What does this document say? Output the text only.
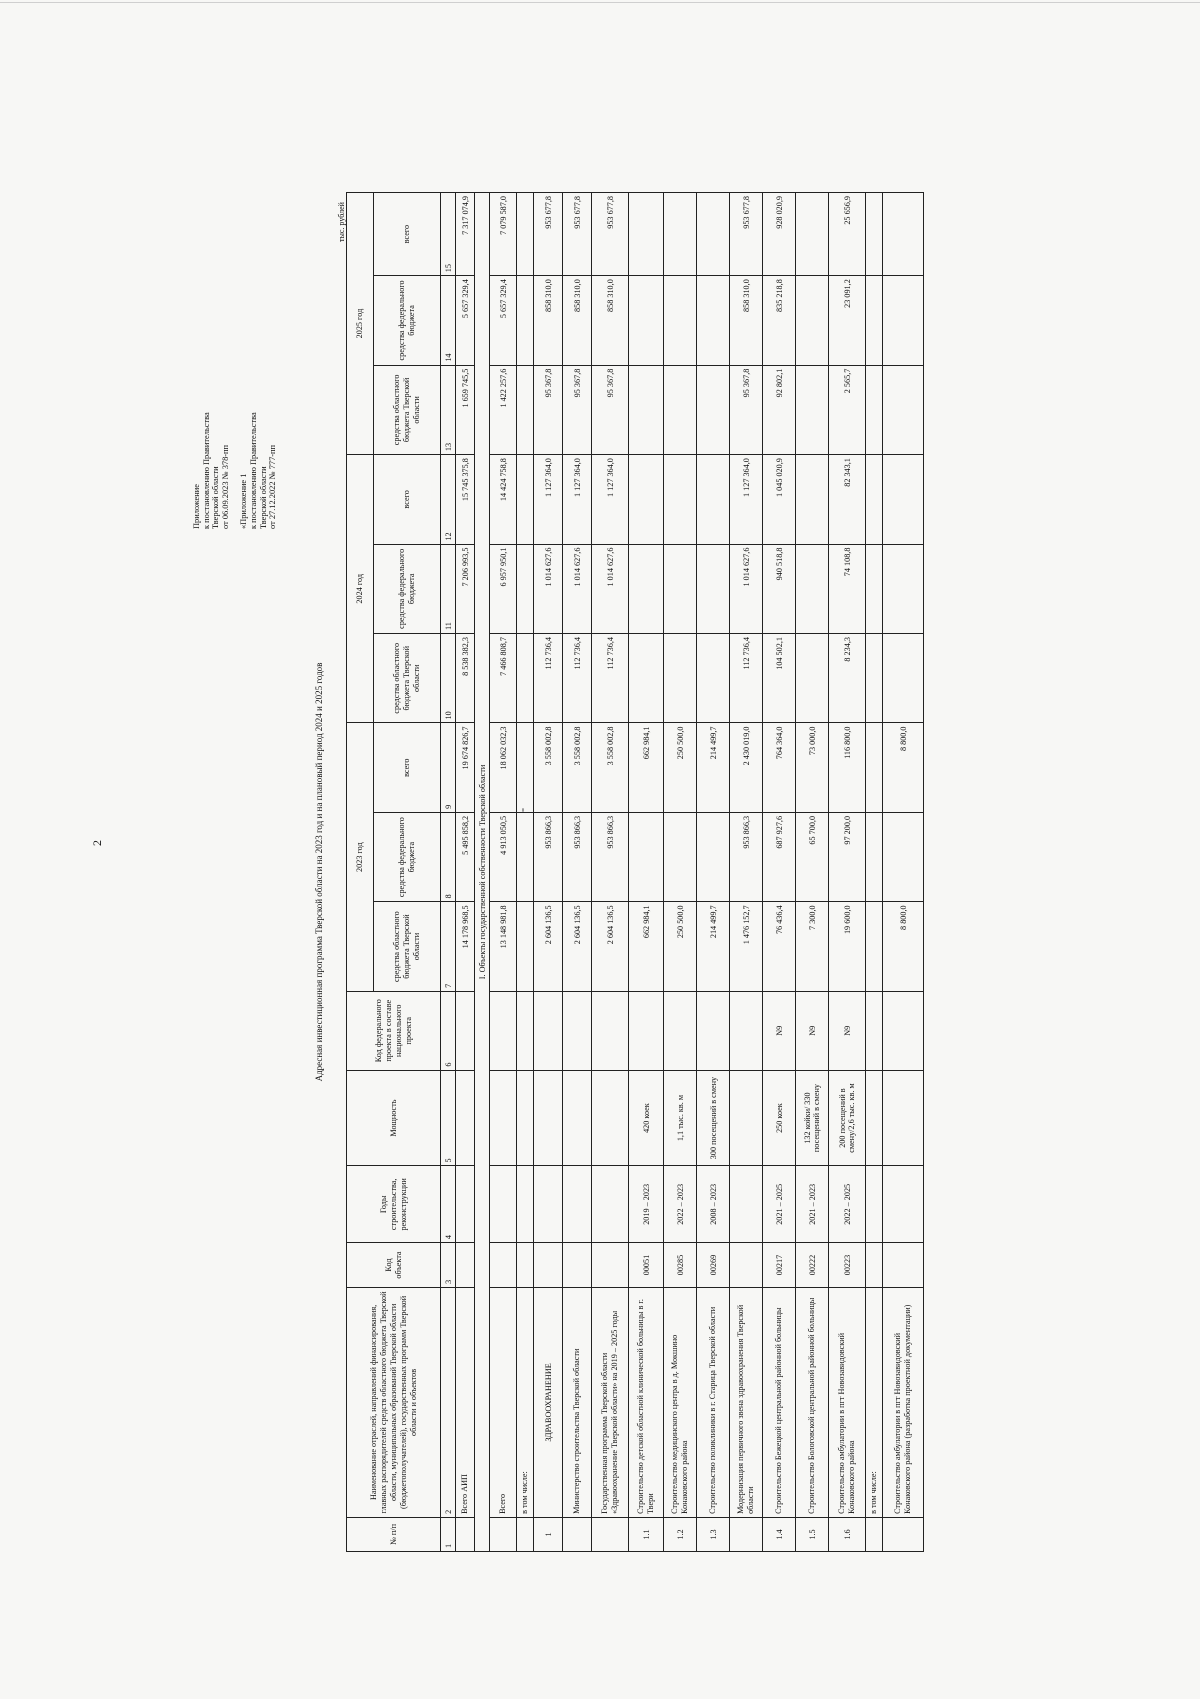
2
Приложение к постановлению Правительства Тверской области от 06.09.2023 № 378-пп «Приложение 1 к постановлению Правительства Тверской области от 27.12.2022 № 777-пп
Адресная инвестиционная программа Тверской области на 2023 год и на плановый период 2024 и 2025 годов
тыс. рублей
№ п/п	Наименование отраслей, направлений финансирования, главных распорядителей средств областного бюджета Тверской области, муниципальных образований Тверской области (бюджетополучателей), государственных программ Тверской области и объектов	Код объекта	Годы строительства, реконструкции	Мощность	Код федерального проекта в составе национального проекта	2023 год			2024 год			2025 год		
						средства областного бюджета Тверской области	средства федерального бюджета	всего	средства областного бюджета Тверской области	средства федерального бюджета	всего	средства областного бюджета Тверской области	средства федерального бюджета	всего
1	2	3	4	5	6	7	8	9	10	11	12	13	14	15
	Всего АИП					14 178 968,5	5 495 858,2	19 674 826,7	8 538 382,3	7 206 993,5	15 745 375,8	1 659 745,5	5 657 329,4	7 317 074,9
I. Объекты государственной собственности Тверской области														
	Всего					13 148 981,8	4 913 050,5	18 062 032,3	7 466 808,7	6 957 950,1	14 424 758,8	1 422 257,6	5 657 329,4	7 079 587,0
	в том числе:													
1	ЗДРАВООХРАНЕНИЕ					2 604 136,5	953 866,3	3 558 002,8	112 736,4	1 014 627,6	1 127 364,0	95 367,8	858 310,0	953 677,8
	Министерство строительства Тверской области					2 604 136,5	953 866,3	3 558 002,8	112 736,4	1 014 627,6	1 127 364,0	95 367,8	858 310,0	953 677,8
	Государственная программа Тверской области «Здравоохранение Тверской области» на 2019 – 2025 годы					2 604 136,5	953 866,3	3 558 002,8	112 736,4	1 014 627,6	1 127 364,0	95 367,8	858 310,0	953 677,8
1.1	Строительство детской областной клинической больницы в г. Твери	00051	2019 – 2023	420 коек		662 984,1		662 984,1						
1.2	Строительство медицинского центра в д. Мокшино Конаковского района	00285	2022 – 2023	1,1 тыс. кв. м		250 500,0		250 500,0						
1.3	Строительство поликлиники в г. Старица Тверской области	00269	2008 – 2023	300 посещений в смену		214 499,7		214 499,7						
	Модернизация первичного звена здравоохранения Тверской области					1 476 152,7	953 866,3	2 430 019,0	112 736,4	1 014 627,6	1 127 364,0	95 367,8	858 310,0	953 677,8
1.4	Строительство Бежецкой центральной районной больницы	00217	2021 – 2025	250 коек	N9	76 436,4	687 927,6	764 364,0	104 502,1	940 518,8	1 045 020,9	92 802,1	835 218,8	928 020,9
1.5	Строительство Бологовской центральной районной больницы	00222	2021 – 2023	132 койки/ 330 посещений в смену	N9	7 300,0	65 700,0	73 000,0						
1.6	Строительство амбулатории в пгт Новозавидовский Конаковского района	00223	2022 – 2025	200 посещений в смену/2,6 тыс. кв. м	N9	19 600,0	97 200,0	116 800,0	8 234,3	74 108,8	82 343,1	2 565,7	23 091,2	25 656,9
	в том числе:													
	Строительство амбулатории в пгт Новозавидовский Конаковского района (разработка проектной документации)					8 800,0		8 800,0						
